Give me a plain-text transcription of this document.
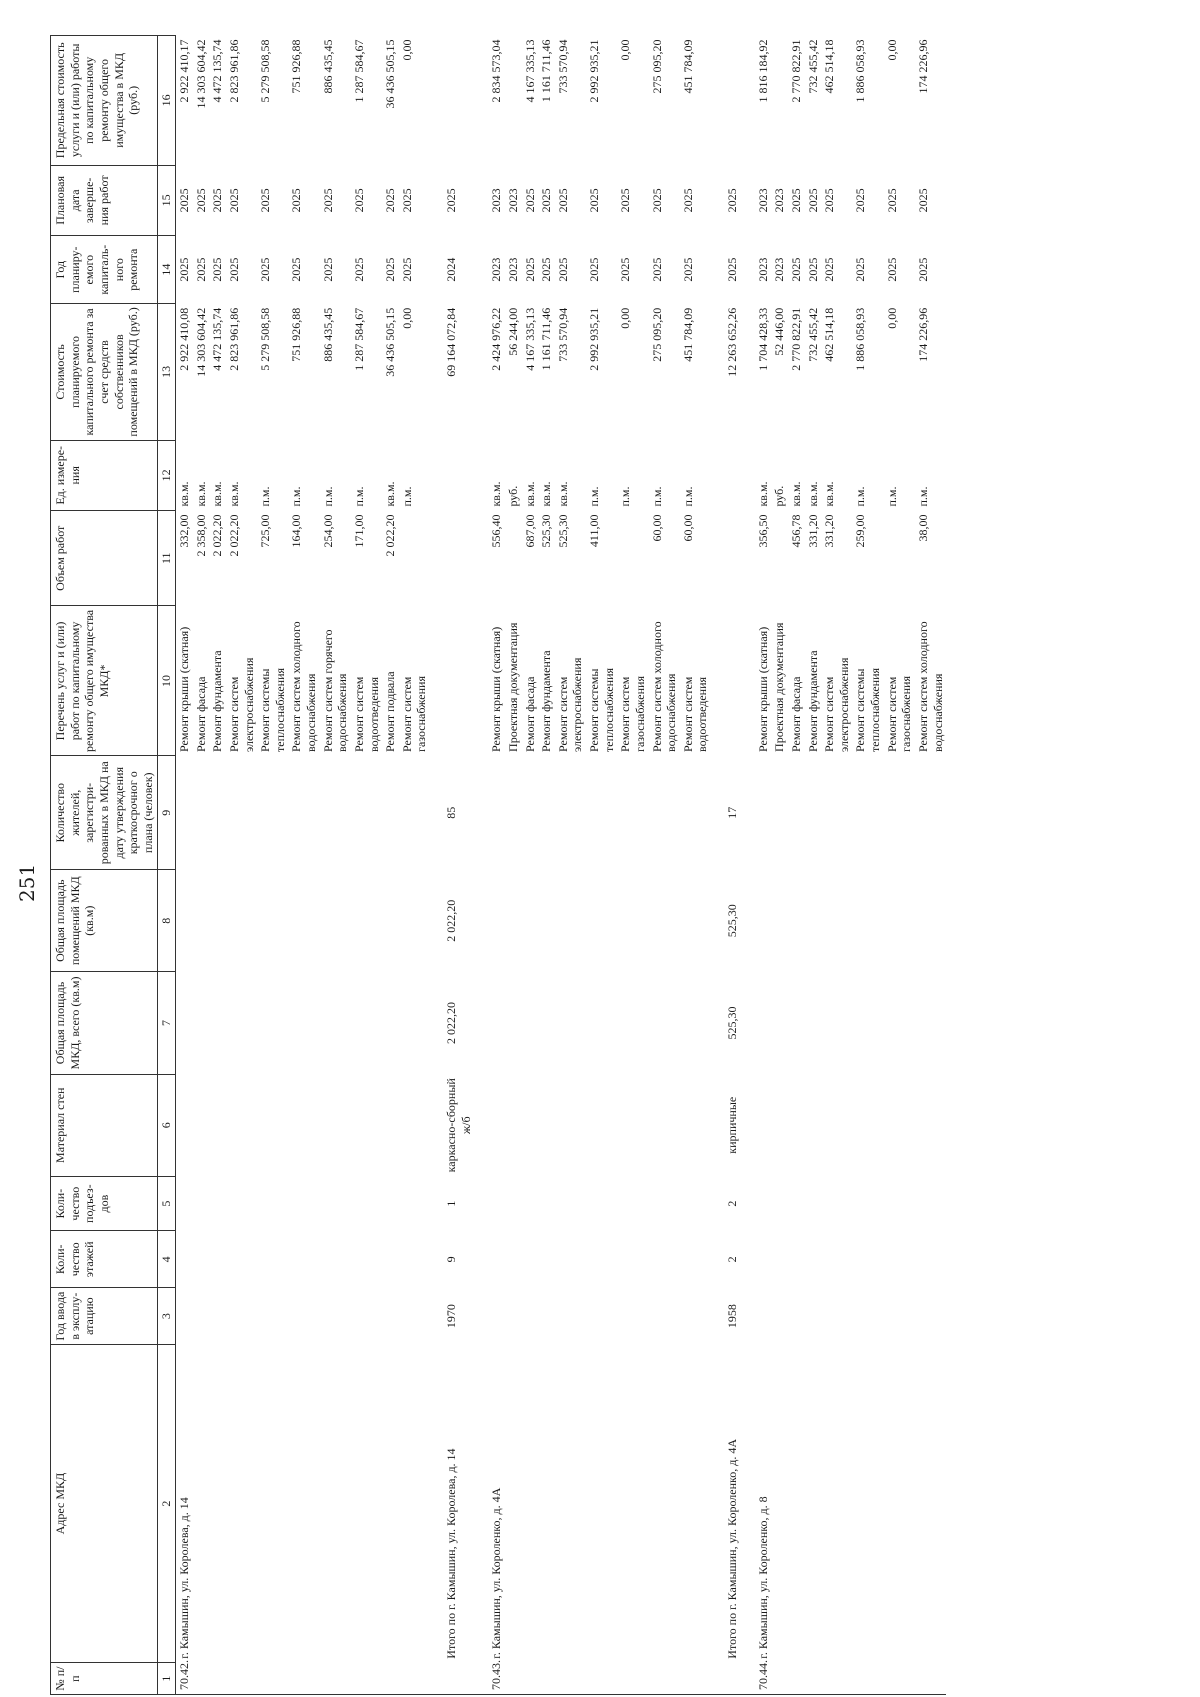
251
№ п/п	Адрес МКД	Год ввода в эксплу-атацию	Коли-чество этажей	Коли-чество подъез-дов	Материал стен	Общая площадь МКД, всего (кв.м)	Общая площадь помещений МКД (кв.м)	Количество жителей, зарегистри-рованных в МКД на дату утверждения краткосрочног о плана (человек)	Перечень услуг и (или) работ по капитальному ремонту общего имущества МКД*	Объем работ	Ед. измере-ния	Стоимость планируемого капитального ремонта за счет средств собственников помещений в МКД (руб.)	Год планиру-емого капиталь-ного ремонта	Плановая дата заверше-ния работ	Предельная стоимость услуги и (или) работы по капитальному ремонту общего имущества в МКД (руб.)
1	2	3	4	5	6	7	8	9	10	11	12	13	14	15	16
70.42.	г. Камышин, ул. Королева, д. 14								Ремонт крыши (скатная)	332,00	кв.м.	2 922 410,08	2025	2025	2 922 410,17
									Ремонт фасада	2 358,00	кв.м.	14 303 604,42	2025	2025	14 303 604,42
									Ремонт фундамента	2 022,20	кв.м.	4 472 135,74	2025	2025	4 472 135,74
									Ремонт систем электроснабжения	2 022,20	кв.м.	2 823 961,86	2025	2025	2 823 961,86
									Ремонт системы теплоснабжения	725,00	п.м.	5 279 508,58	2025	2025	5 279 508,58
									Ремонт систем холодного водоснабжения	164,00	п.м.	751 926,88	2025	2025	751 926,88
									Ремонт систем горячего водоснабжения	254,00	п.м.	886 435,45	2025	2025	886 435,45
									Ремонт систем водоотведения	171,00	п.м.	1 287 584,67	2025	2025	1 287 584,67
									Ремонт подвала	2 022,20	кв.м.	36 436 505,15	2025	2025	36 436 505,15
									Ремонт систем газоснабжения		п.м.	0,00	2025	2025	0,00
	Итого по г. Камышин, ул. Королева, д. 14	1970	9	1	каркасно-сборный ж/б	2 022,20	2 022,20	85				69 164 072,84	2024	2025	

70.43.	г. Камышин, ул. Короленко, д. 4А								Ремонт крыши (скатная)	556,40	кв.м.	2 424 976,22	2023	2023	2 834 573,04
									Проектная документация		руб.	56 244,00	2023	2023	
									Ремонт фасада	687,00	кв.м.	4 167 335,13	2025	2025	4 167 335,13
									Ремонт фундамента	525,30	кв.м.	1 161 711,46	2025	2025	1 161 711,46
									Ремонт систем электроснабжения	525,30	кв.м.	733 570,94	2025	2025	733 570,94
									Ремонт системы теплоснабжения	411,00	п.м.	2 992 935,21	2025	2025	2 992 935,21
									Ремонт систем газоснабжения		п.м.	0,00	2025	2025	0,00
									Ремонт систем холодного водоснабжения	60,00	п.м.	275 095,20	2025	2025	275 095,20
									Ремонт систем водоотведения	60,00	п.м.	451 784,09	2025	2025	451 784,09
	Итого по г. Камышин, ул. Короленко, д. 4А	1958	2	2	кирпичные	525,30	525,30	17				12 263 652,26	2025	2025	

70.44.	г. Камышин, ул. Короленко, д. 8								Ремонт крыши (скатная)	356,50	кв.м.	1 704 428,33	2023	2023	1 816 184,92
									Проектная документация		руб.	52 446,00	2023	2023	
									Ремонт фасада	456,78	кв.м.	2 770 822,91	2025	2025	2 770 822,91
									Ремонт фундамента	331,20	кв.м.	732 455,42	2025	2025	732 455,42
									Ремонт систем электроснабжения	331,20	кв.м.	462 514,18	2025	2025	462 514,18
									Ремонт системы теплоснабжения	259,00	п.м.	1 886 058,93	2025	2025	1 886 058,93
									Ремонт систем газоснабжения		п.м.	0,00	2025	2025	0,00
									Ремонт систем холодного водоснабжения	38,00	п.м.	174 226,96	2025	2025	174 226,96
